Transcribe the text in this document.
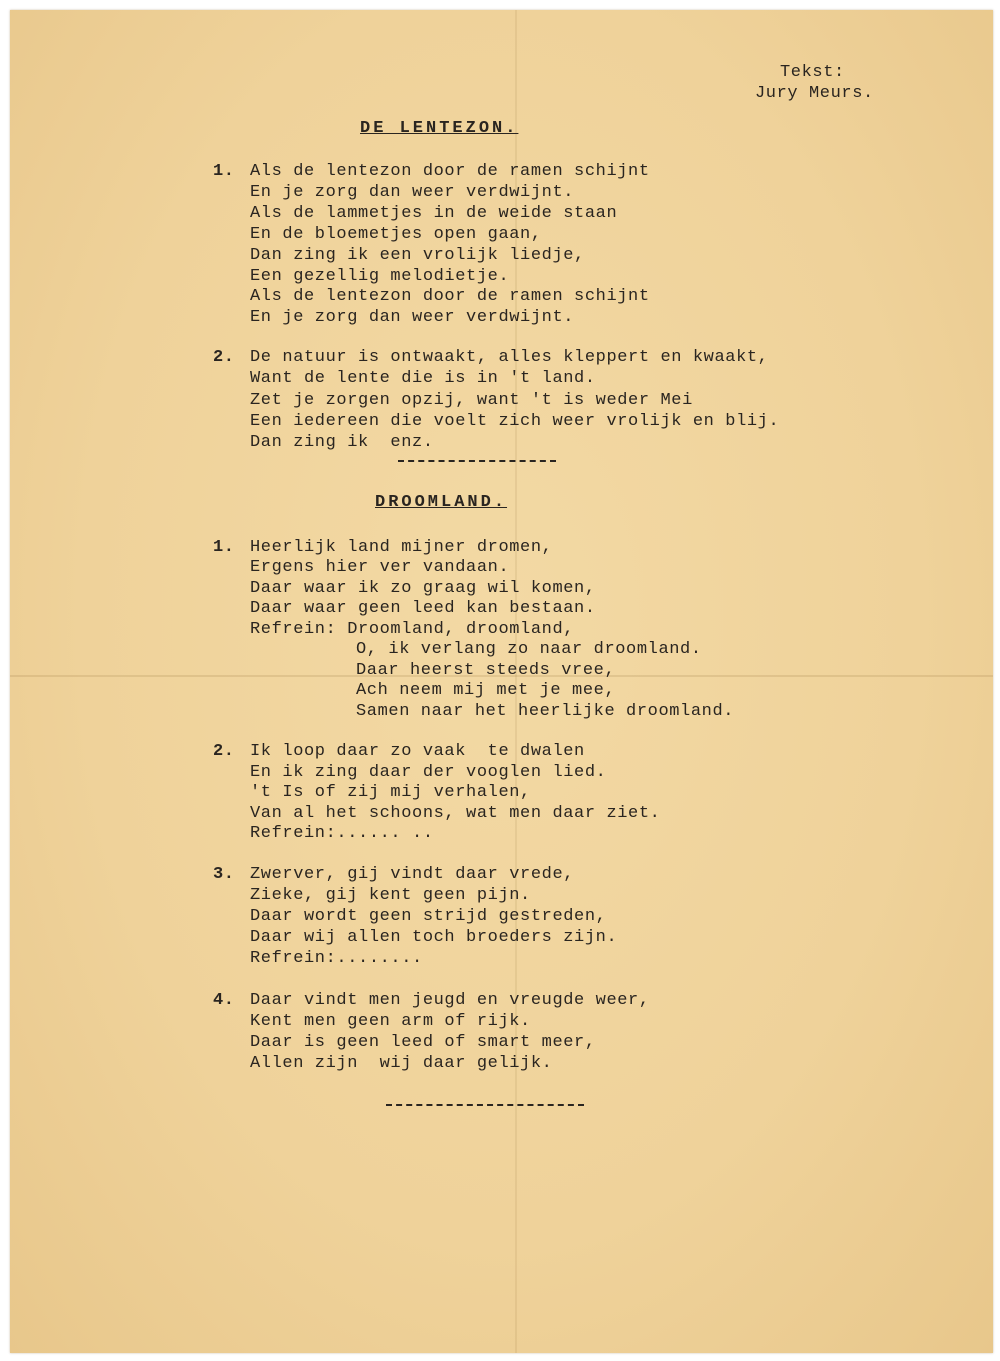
Tekst:
Jury Meurs.
DE LENTEZON.
1. Als de lentezon door de ramen schijnt
En je zorg dan weer verdwijnt.
Als de lammetjes in de weide staan
En de bloemetjes open gaan,
Dan zing ik een vrolijk liedje,
Een gezellig melodietje.
Als de lentezon door de ramen schijnt
En je zorg dan weer verdwijnt.
2. De natuur is ontwaakt, alles kleppert en kwaakt,
Want de lente die is in 't land.
Zet je zorgen opzij, want 't is weder Mei
Een iedereen die voelt zich weer vrolijk en blij.
Dan zing ik  enz.
DROOMLAND.
1. Heerlijk land mijner dromen,
Ergens hier ver vandaan.
Daar waar ik zo graag wil komen,
Daar waar geen leed kan bestaan.
Refrein: Droomland, droomland,
O, ik verlang zo naar droomland.
Daar heerst steeds vree,
Ach neem mij met je mee,
Samen naar het heerlijke droomland.
2. Ik loop daar zo vaak  te dwalen
En ik zing daar der vooglen lied.
't Is of zij mij verhalen,
Van al het schoons, wat men daar ziet.
Refrein:...... ..
3. Zwerver, gij vindt daar vrede,
Zieke, gij kent geen pijn.
Daar wordt geen strijd gestreden,
Daar wij allen toch broeders zijn.
Refrein:........
4. Daar vindt men jeugd en vreugde weer,
Kent men geen arm of rijk.
Daar is geen leed of smart meer,
Allen zijn  wij daar gelijk.
